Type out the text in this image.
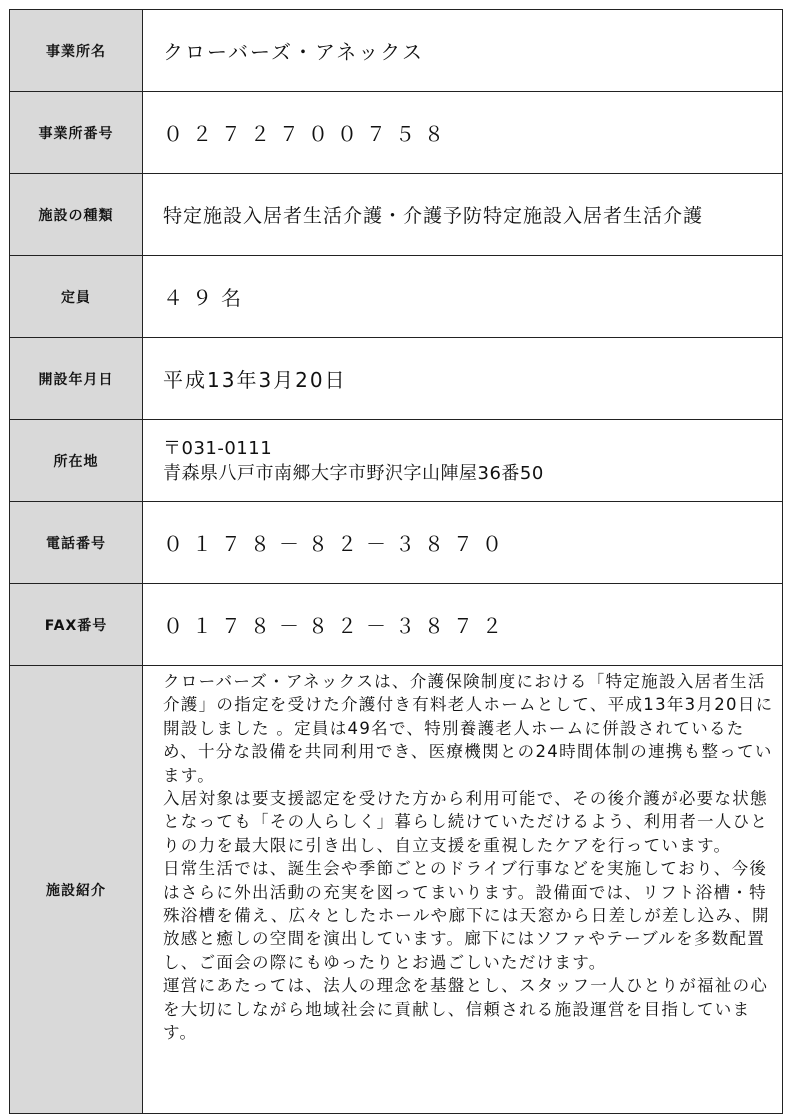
事業所名	クローバーズ・アネックス
事業所番号	０２７２７００７５８
施設の種類	特定施設入居者生活介護・介護予防特定施設入居者生活介護
定員	４９名
開設年月日	平成13年3月20日
所在地	〒031-0111
青森県八戸市南郷大字市野沢字山陣屋36番50

電話番号	０１７８－８２－３８７０
FAX番号	０１７８－８２－３８７２
施設紹介	クローバーズ・アネックスは、介護保険制度における「特定施設入居者生活介護」の指定を受けた介護付き有料老人ホームとして、平成13年3月20日に開設しました 。定員は49名で、特別養護老人ホームに併設されているため、十分な設備を共同利用でき、医療機関との24時間体制の連携も整っています。
入居対象は要支援認定を受けた方から利用可能で、その後介護が必要な状態となっても「その人らしく」暮らし続けていただけるよう、利用者一人ひとりの力を最大限に引き出し、自立支援を重視したケアを行っています。
日常生活では、誕生会や季節ごとのドライブ行事などを実施しており、今後はさらに外出活動の充実を図ってまいります。設備面では、リフト浴槽・特殊浴槽を備え、広々としたホールや廊下には天窓から日差しが差し込み、開放感と癒しの空間を演出しています。廊下にはソファやテーブルを多数配置し、ご面会の際にもゆったりとお過ごしいただけます。
運営にあたっては、法人の理念を基盤とし、スタッフ一人ひとりが福祉の心を大切にしながら地域社会に貢献し、信頼される施設運営を目指しています。
